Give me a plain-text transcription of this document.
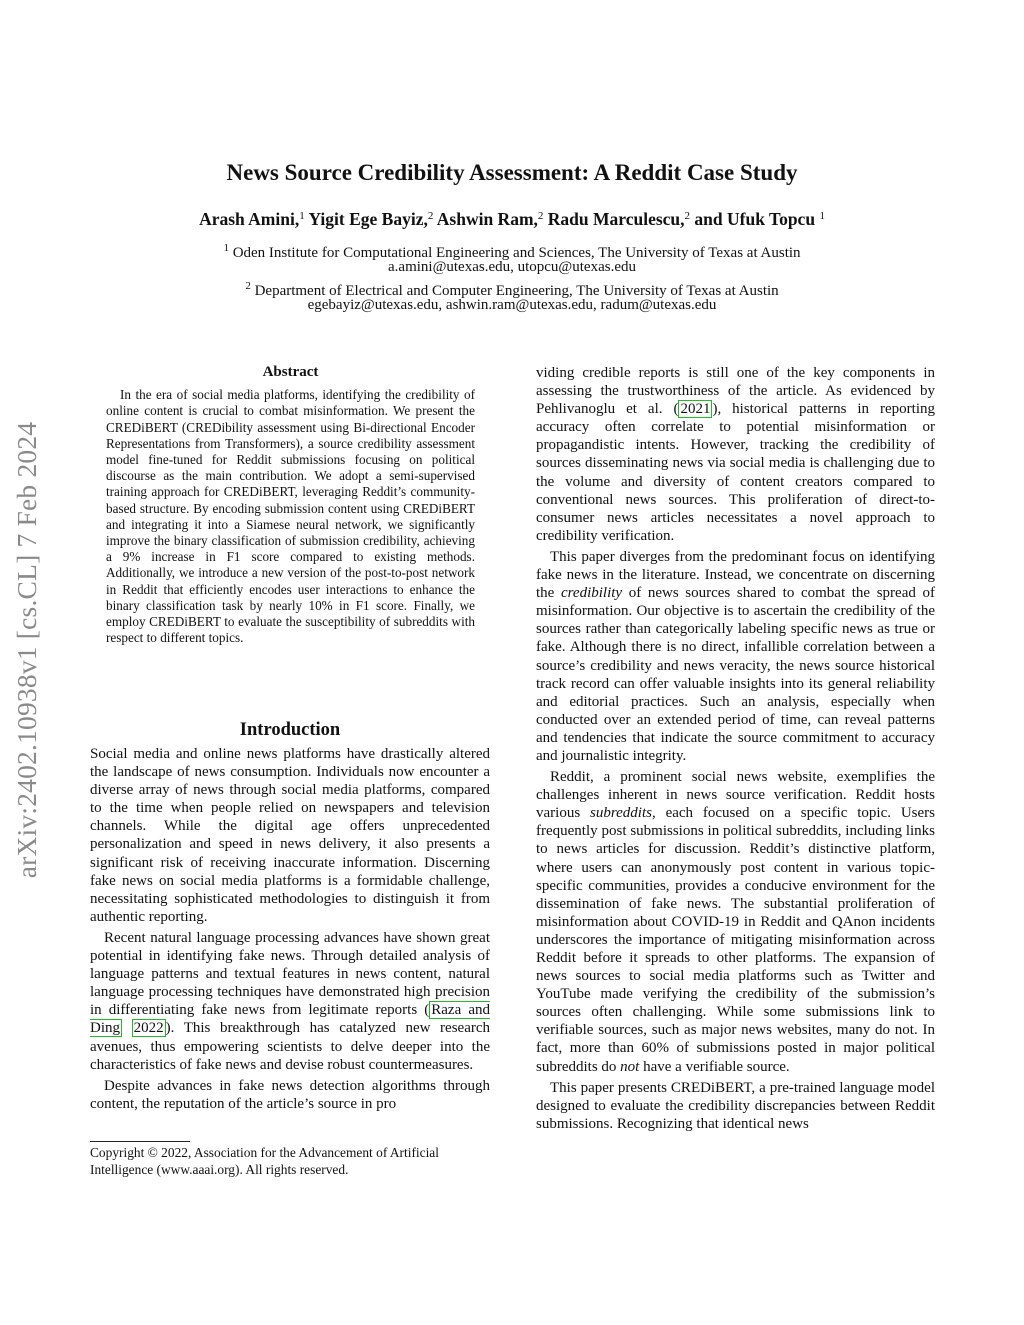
arXiv:2402.10938v1 [cs.CL] 7 Feb 2024
News Source Credibility Assessment: A Reddit Case Study
Arash Amini,$^1$ Yigit Ege Bayiz,$^2$ Ashwin Ram,$^2$ Radu Marculescu,$^2$ and Ufuk Topcu $^1$
$^1$ Oden Institute for Computational Engineering and Sciences, The University of Texas at Austin
a.amini@utexas.edu, utopcu@utexas.edu
$^2$ Department of Electrical and Computer Engineering, The University of Texas at Austin
egebayiz@utexas.edu, ashwin.ram@utexas.edu, radum@utexas.edu
Abstract

In the era of social media platforms, identifying the credibility of online content is crucial to combat misinformation. We present the CREDiBERT (CREDibility assessment using Bi-directional Encoder Representations from Transformers), a source credibility assessment model fine-tuned for Reddit submissions focusing on political discourse as the main contribution. We adopt a semi-supervised training approach for CREDiBERT, leveraging Reddit’s community-based structure. By encoding submission content using CREDiBERT and integrating it into a Siamese neural network, we significantly improve the binary classification of submission credibility, achieving a 9% increase in F1 score compared to existing methods. Additionally, we introduce a new version of the post-to-post network in Reddit that efficiently encodes user interactions to enhance the binary classification task by nearly 10% in F1 score. Finally, we employ CREDiBERT to evaluate the susceptibility of subreddits with respect to different topics.

Introduction

Social media and online news platforms have drastically altered the landscape of news consumption. Individuals now encounter a diverse array of news through social media platforms, compared to the time when people relied on newspapers and television channels. While the digital age offers unprecedented personalization and speed in news delivery, it also presents a significant risk of receiving inaccurate information. Discerning fake news on social media platforms is a formidable challenge, necessitating sophisticated methodologies to distinguish it from authentic reporting.

Recent natural language processing advances have shown great potential in identifying fake news. Through detailed analysis of language patterns and textual features in news content, natural language processing techniques have demonstrated high precision in differentiating fake news from legitimate reports ( Raza and Ding 2022 ). This breakthrough has catalyzed new research avenues, thus empowering scientists to delve deeper into the characteristics of fake news and devise robust countermeasures.

Despite advances in fake news detection algorithms through content, the reputation of the article’s source in pro

Copyright © 2022, Association for the Advancement of Artificial Intelligence (www.aaai.org). All rights reserved.

viding credible reports is still one of the key components in assessing the trustworthiness of the article. As evidenced by Pehlivanoglu et al. ( 2021 ), historical patterns in reporting accuracy often correlate to potential misinformation or propagandistic intents. However, tracking the credibility of sources disseminating news via social media is challenging due to the volume and diversity of content creators compared to conventional news sources. This proliferation of direct-to-consumer news articles necessitates a novel approach to credibility verification.

This paper diverges from the predominant focus on identifying fake news in the literature. Instead, we concentrate on discerning the credibility of news sources shared to combat the spread of misinformation. Our objective is to ascertain the credibility of the sources rather than categorically labeling specific news as true or fake. Although there is no direct, infallible correlation between a source’s credibility and news veracity, the news source historical track record can offer valuable insights into its general reliability and editorial practices. Such an analysis, especially when conducted over an extended period of time, can reveal patterns and tendencies that indicate the source commitment to accuracy and journalistic integrity.

Reddit, a prominent social news website, exemplifies the challenges inherent in news source verification. Reddit hosts various subreddits, each focused on a specific topic. Users frequently post submissions in political subreddits, including links to news articles for discussion. Reddit’s distinctive platform, where users can anonymously post content in various topic-specific communities, provides a conducive environment for the dissemination of fake news. The substantial proliferation of misinformation about COVID-19 in Reddit and QAnon incidents underscores the importance of mitigating misinformation across Reddit before it spreads to other platforms. The expansion of news sources to social media platforms such as Twitter and YouTube made verifying the credibility of the submission’s sources often challenging. While some submissions link to verifiable sources, such as major news websites, many do not. In fact, more than 60% of submissions posted in major political subreddits do not have a verifiable source.

This paper presents CREDiBERT, a pre-trained language model designed to evaluate the credibility discrepancies between Reddit submissions. Recognizing that identical news
